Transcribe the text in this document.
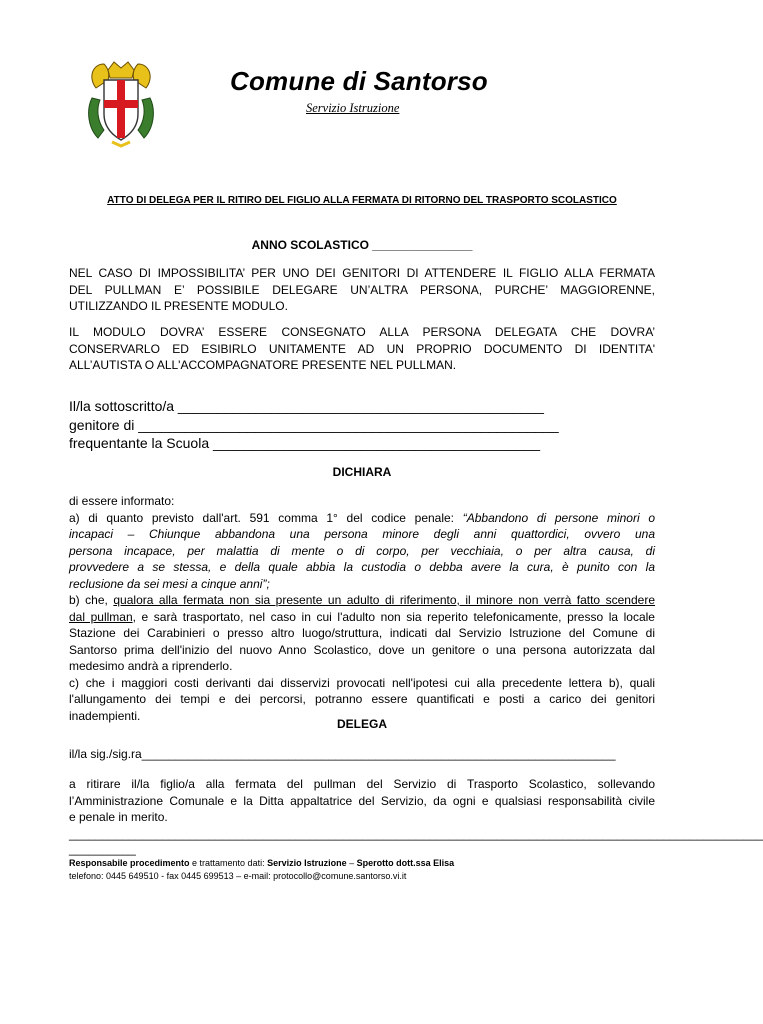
Comune di Santorso
Servizio Istruzione
ATTO DI DELEGA PER IL RITIRO DEL FIGLIO ALLA FERMATA DI RITORNO DEL TRASPORTO SCOLASTICO
ANNO SCOLASTICO _______________
NEL CASO DI IMPOSSIBILITA’ PER UNO DEI GENITORI DI ATTENDERE IL FIGLIO ALLA FERMATA
DEL PULLMAN E’ POSSIBILE DELEGARE UN’ALTRA PERSONA, PURCHE’ MAGGIORENNE,
UTILIZZANDO IL PRESENTE MODULO.
IL MODULO DOVRA’ ESSERE CONSEGNATO ALLA PERSONA DELEGATA CHE DOVRA’
CONSERVARLO ED ESIBIRLO UNITAMENTE AD UN PROPRIO DOCUMENTO DI IDENTITA'
ALL’AUTISTA O ALL'ACCOMPAGNATORE PRESENTE NEL PULLMAN.
Il/la sottoscritto/a _______________________________________________
genitore di ______________________________________________________
frequentante la Scuola __________________________________________
DICHIARA
di essere informato:
a) di quanto previsto dall'art. 591 comma 1° del codice penale: “Abbandono di persone minori o
incapaci – Chiunque abbandona una persona minore degli anni quattordici, ovvero una
persona incapace, per malattia di mente o di corpo, per vecchiaia, o per altra causa, di
provvedere a se stessa, e della quale abbia la custodia o debba avere la cura, è punito con la
reclusione da sei mesi a cinque anni”;
b) che, qualora alla fermata non sia presente un adulto di riferimento, il minore non verrà fatto scendere
dal pullman, e sarà trasportato, nel caso in cui l'adulto non sia reperito telefonicamente, presso la locale
Stazione dei Carabinieri o presso altro luogo/struttura, indicati dal Servizio Istruzione del Comune di
Santorso prima dell'inizio del nuovo Anno Scolastico, dove un genitore o una persona autorizzata dal
medesimo andrà a riprenderlo.
c) che i maggiori costi derivanti dai disservizi provocati nell'ipotesi cui alla precedente lettera b), quali
l'allungamento dei tempi e dei percorsi, potranno essere quantificati e posti a carico dei genitori
inadempienti.
DELEGA
il/la sig./sig.ra_______________________________________________________________________
a ritirare il/la figlio/a alla fermata del pullman del Servizio di Trasporto Scolastico, sollevando
l’Amministrazione Comunale e la Ditta appaltatrice del Servizio, da ogni e qualsiasi responsabilità civile
e penale in merito.
________________________________________________________________________________________________________
__________
Responsabile procedimento e trattamento dati: Servizio Istruzione – Sperotto dott.ssa Elisa
telefono: 0445 649510 - fax 0445 699513 – e-mail: protocollo@comune.santorso.vi.it
